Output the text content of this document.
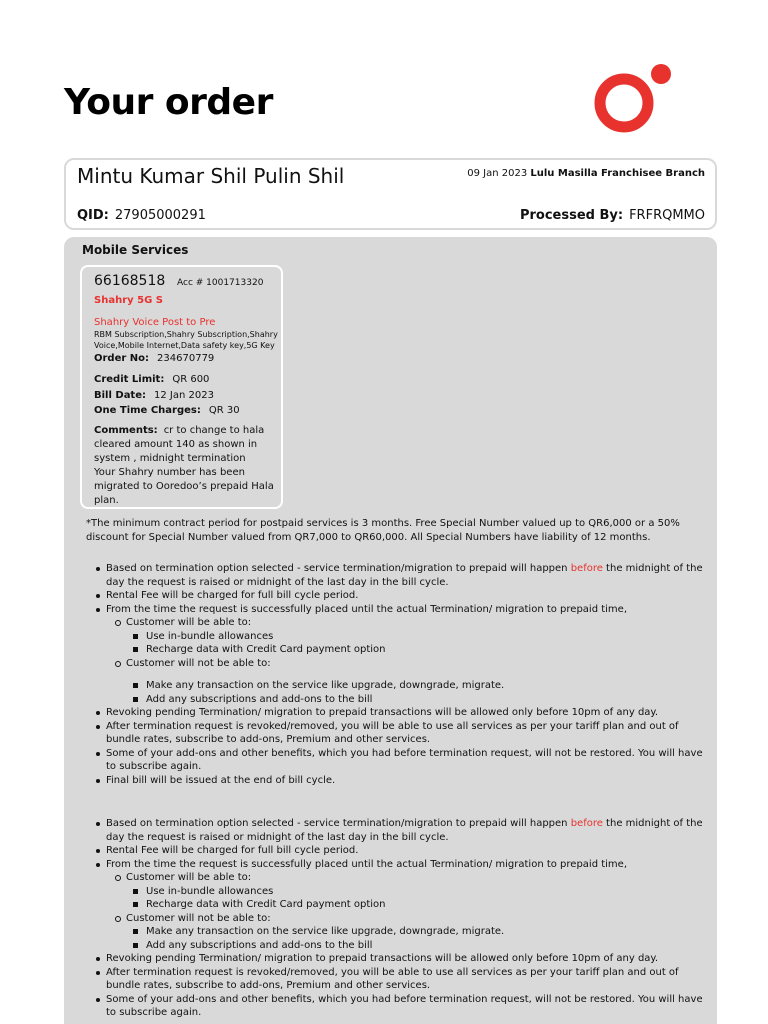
Your order
Mintu Kumar Shil Pulin Shil	09 Jan 2023 Lulu Masilla Franchisee Branch
QID: 27905000291	Processed By: FRFRQMMO
Mobile Services
66168518 Acc # 1001713320
Shahry 5G S
Shahry Voice Post to Pre
RBM Subscription,Shahry Subscription,Shahry Voice,Mobile Internet,Data safety key,5G Key
Order No: 234670779
Credit Limit: QR 600
Bill Date: 12 Jan 2023
One Time Charges: QR 30
Comments: cr to change to hala cleared amount 140 as shown in system , midnight termination
Your Shahry number has been migrated to Ooredoo’s prepaid Hala plan.
*The minimum contract period for postpaid services is 3 months. Free Special Number valued up to QR6,000 or a 50% discount for Special Number valued from QR7,000 to QR60,000. All Special Numbers have liability of 12 months.
Based on termination option selected - service termination/migration to prepaid will happen before the midnight of the day the request is raised or midnight of the last day in the bill cycle.
Rental Fee will be charged for full bill cycle period.
From the time the request is successfully placed until the actual Termination/ migration to prepaid time,
Customer will be able to:
Use in-bundle allowances
Recharge data with Credit Card payment option
Customer will not be able to:
Make any transaction on the service like upgrade, downgrade, migrate.
Add any subscriptions and add-ons to the bill
Revoking pending Termination/ migration to prepaid transactions will be allowed only before 10pm of any day.
After termination request is revoked/removed, you will be able to use all services as per your tariff plan and out of bundle rates, subscribe to add-ons, Premium and other services.
Some of your add-ons and other benefits, which you had before termination request, will not be restored. You will have to subscribe again.
Final bill will be issued at the end of bill cycle.
Based on termination option selected - service termination/migration to prepaid will happen before the midnight of the day the request is raised or midnight of the last day in the bill cycle.
Rental Fee will be charged for full bill cycle period.
From the time the request is successfully placed until the actual Termination/ migration to prepaid time,
Customer will be able to:
Use in-bundle allowances
Recharge data with Credit Card payment option
Customer will not be able to:
Make any transaction on the service like upgrade, downgrade, migrate.
Add any subscriptions and add-ons to the bill
Revoking pending Termination/ migration to prepaid transactions will be allowed only before 10pm of any day.
After termination request is revoked/removed, you will be able to use all services as per your tariff plan and out of bundle rates, subscribe to add-ons, Premium and other services.
Some of your add-ons and other benefits, which you had before termination request, will not be restored. You will have to subscribe again.
